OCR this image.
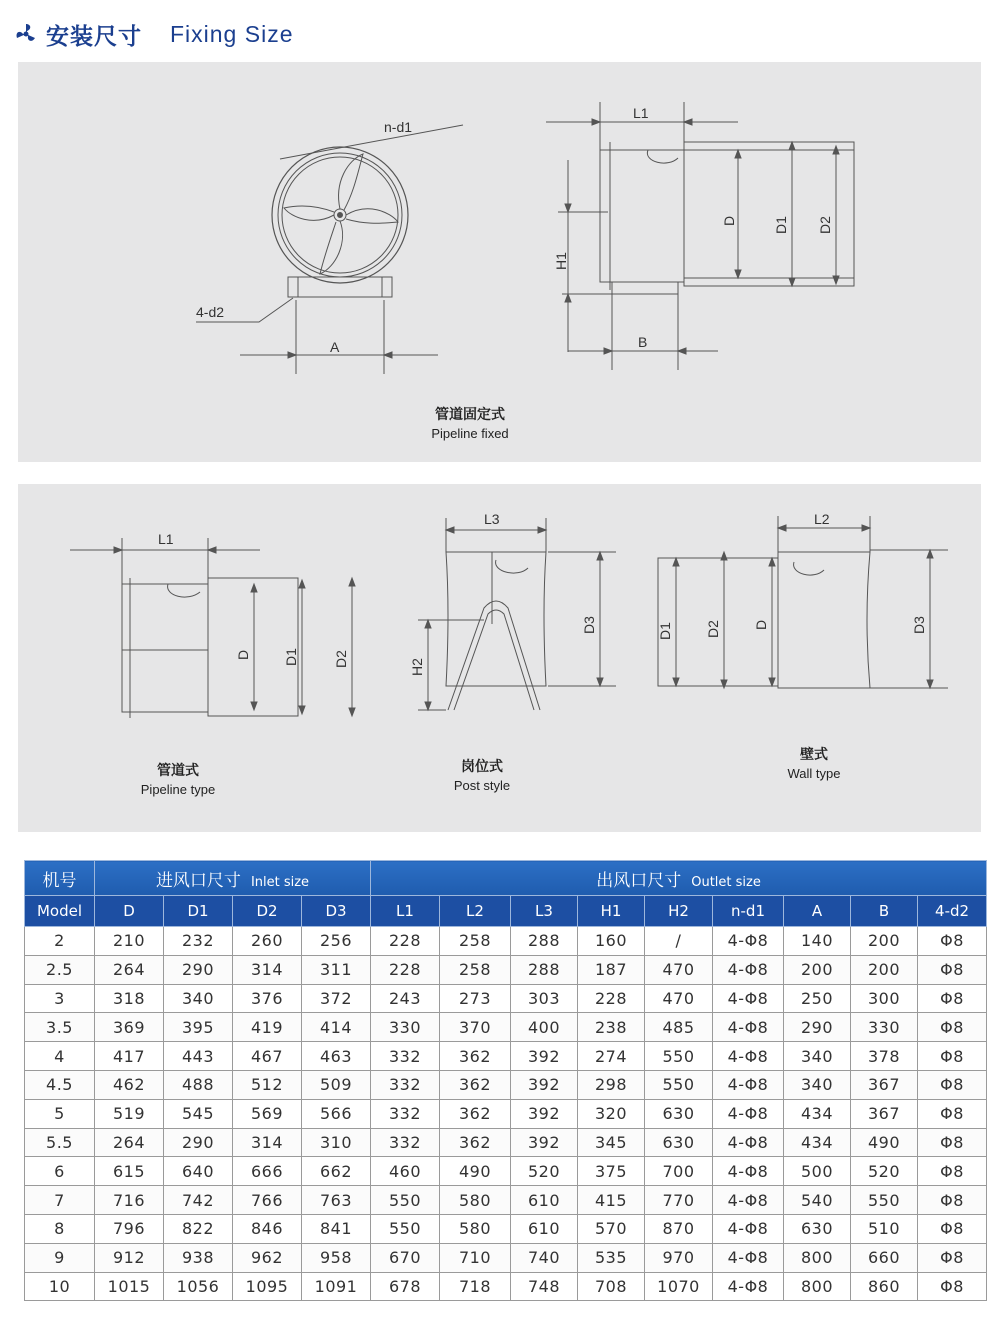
安装尺寸 Fixing Size
n-d1
4-d2
A
L1
B
H1
D	D1 D2
管道固定式
Pipeline fixed
L1
D D1 D2
L3
H2
D3
L2
D1 D2 D	D3
管道式
Pipeline type
岗位式
Post style
壁式
Wall type
机号	进风口尺寸 Inlet size				出风口尺寸 Outlet size								
Model	D	D1	D2	D3	L1	L2	L3	H1	H2	n-d1	A	B	4-d2
2	210	232	260	256	228	258	288	160	/	4-Φ8	140	200	Φ8
2.5	264	290	314	311	228	258	288	187	470	4-Φ8	200	200	Φ8
3	318	340	376	372	243	273	303	228	470	4-Φ8	250	300	Φ8
3.5	369	395	419	414	330	370	400	238	485	4-Φ8	290	330	Φ8
4	417	443	467	463	332	362	392	274	550	4-Φ8	340	378	Φ8
4.5	462	488	512	509	332	362	392	298	550	4-Φ8	340	367	Φ8
5	519	545	569	566	332	362	392	320	630	4-Φ8	434	367	Φ8
5.5	264	290	314	310	332	362	392	345	630	4-Φ8	434	490	Φ8
6	615	640	666	662	460	490	520	375	700	4-Φ8	500	520	Φ8
7	716	742	766	763	550	580	610	415	770	4-Φ8	540	550	Φ8
8	796	822	846	841	550	580	610	570	870	4-Φ8	630	510	Φ8
9	912	938	962	958	670	710	740	535	970	4-Φ8	800	660	Φ8
10	1015	1056	1095	1091	678	718	748	708	1070	4-Φ8	800	860	Φ8
